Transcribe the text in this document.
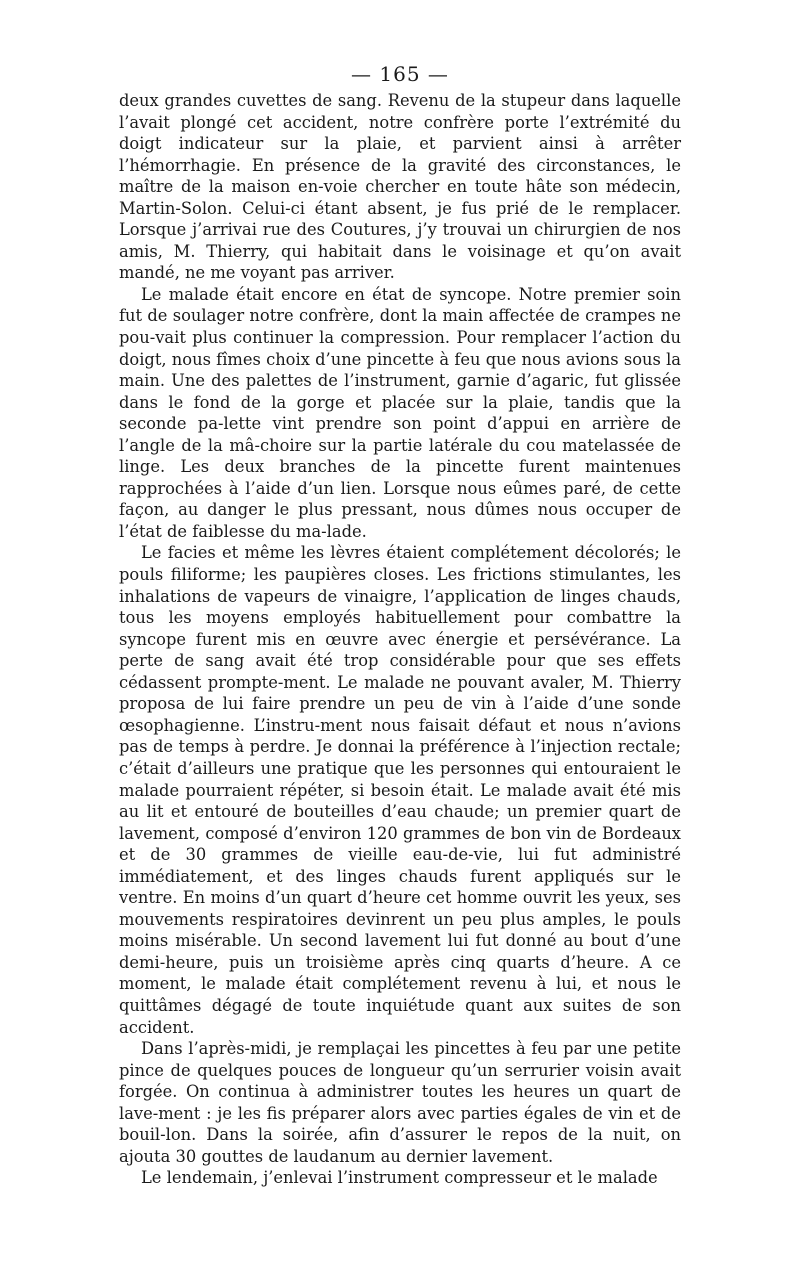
— 165 —

deux grandes cuvettes de sang. Revenu de la stupeur dans laquelle l’avait plongé cet accident, notre confrère porte l’extrémité du doigt indicateur sur la plaie, et parvient ainsi à arrêter l’hémorrhagie. En présence de la gravité des circonstances, le maître de la maison en-voie chercher en toute hâte son médecin, Martin-Solon. Celui-ci étant absent, je fus prié de le remplacer. Lorsque j’arrivai rue des Coutures, j’y trouvai un chirurgien de nos amis, M. Thierry, qui habitait dans le voisinage et qu’on avait mandé, ne me voyant pas arriver.

Le malade était encore en état de syncope. Notre premier soin fut de soulager notre confrère, dont la main affectée de crampes ne pou-vait plus continuer la compression. Pour remplacer l’action du doigt, nous fîmes choix d’une pincette à feu que nous avions sous la main. Une des palettes de l’instrument, garnie d’agaric, fut glissée dans le fond de la gorge et placée sur la plaie, tandis que la seconde pa-lette vint prendre son point d’appui en arrière de l’angle de la mâ-choire sur la partie latérale du cou matelassée de linge. Les deux branches de la pincette furent maintenues rapprochées à l’aide d’un lien. Lorsque nous eûmes paré, de cette façon, au danger le plus pressant, nous dûmes nous occuper de l’état de faiblesse du ma-lade.

Le facies et même les lèvres étaient complétement décolorés; le pouls filiforme; les paupières closes. Les frictions stimulantes, les inhalations de vapeurs de vinaigre, l’application de linges chauds, tous les moyens employés habituellement pour combattre la syncope furent mis en œuvre avec énergie et persévérance. La perte de sang avait été trop considérable pour que ses effets cédassent prompte-ment. Le malade ne pouvant avaler, M. Thierry proposa de lui faire prendre un peu de vin à l’aide d’une sonde œsophagienne. L’instru-ment nous faisait défaut et nous n’avions pas de temps à perdre. Je donnai la préférence à l’injection rectale; c’était d’ailleurs une pratique que les personnes qui entouraient le malade pourraient répéter, si besoin était. Le malade avait été mis au lit et entouré de bouteilles d’eau chaude; un premier quart de lavement, composé d’environ 120 grammes de bon vin de Bordeaux et de 30 grammes de vieille eau-de-vie, lui fut administré immédiatement, et des linges chauds furent appliqués sur le ventre. En moins d’un quart d’heure cet homme ouvrit les yeux, ses mouvements respiratoires devinrent un peu plus amples, le pouls moins misérable. Un second lavement lui fut donné au bout d’une demi-heure, puis un troisième après cinq quarts d’heure. A ce moment, le malade était complétement revenu à lui, et nous le quittâmes dégagé de toute inquiétude quant aux suites de son accident.

Dans l’après-midi, je remplaçai les pincettes à feu par une petite pince de quelques pouces de longueur qu’un serrurier voisin avait forgée. On continua à administrer toutes les heures un quart de lave-ment : je les fis préparer alors avec parties égales de vin et de bouil-lon. Dans la soirée, afin d’assurer le repos de la nuit, on ajouta 30 gouttes de laudanum au dernier lavement.

Le lendemain, j’enlevai l’instrument compresseur et le malade
